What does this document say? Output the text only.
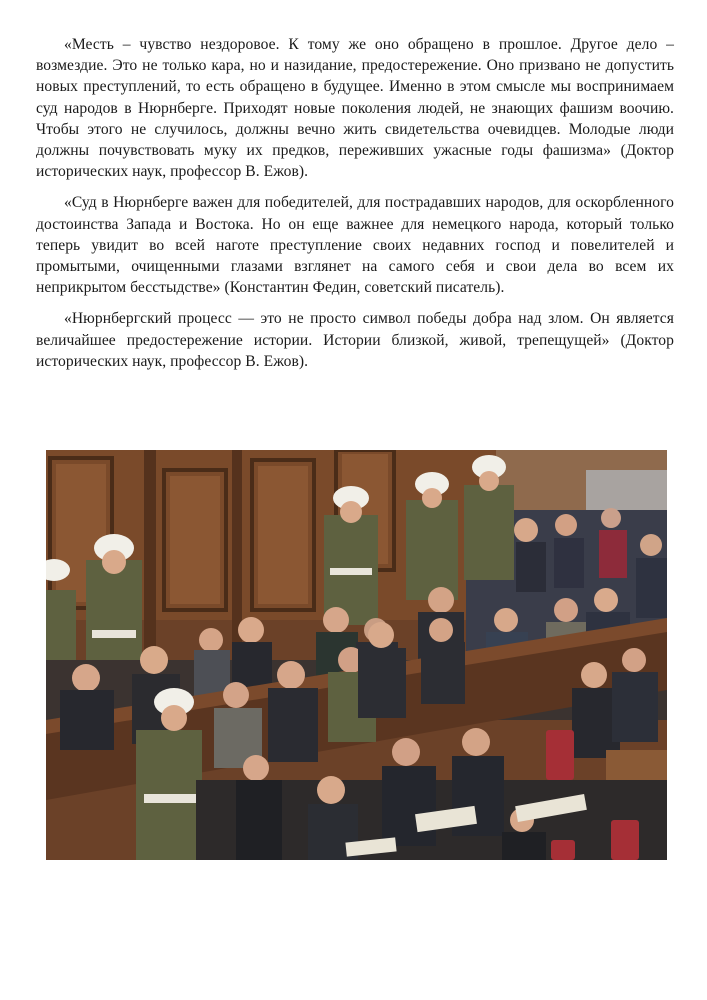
«Месть – чувство нездоровое. К тому же оно обращено в прошлое. Другое дело – возмездие. Это не только кара, но и назидание, предостережение. Оно призвано не допустить новых преступлений, то есть обращено в будущее. Именно в этом смысле мы воспринимаем суд народов в Нюрнберге. Приходят новые поколения людей, не знающих фашизм воочию. Чтобы этого не случилось, должны вечно жить свидетельства очевидцев. Молодые люди должны почувствовать муку их предков, переживших ужасные годы фашизма» (Доктор исторических наук, профессор В. Ежов).

«Суд в Нюрнберге важен для победителей, для пострадавших народов, для оскорбленного достоинства Запада и Востока. Но он еще важнее для немецкого народа, который только теперь увидит во всей наготе преступление своих недавних господ и повелителей и промытыми, очищенными глазами взглянет на самого себя и свои дела во всем их неприкрытом бесстыдстве» (Константин Федин, советский писатель).

«Нюрнбергский процесс — это не просто символ победы добра над злом. Он является величайшее предостережение истории. Истории близкой, живой, трепещущей» (Доктор исторических наук, профессор В. Ежов).
